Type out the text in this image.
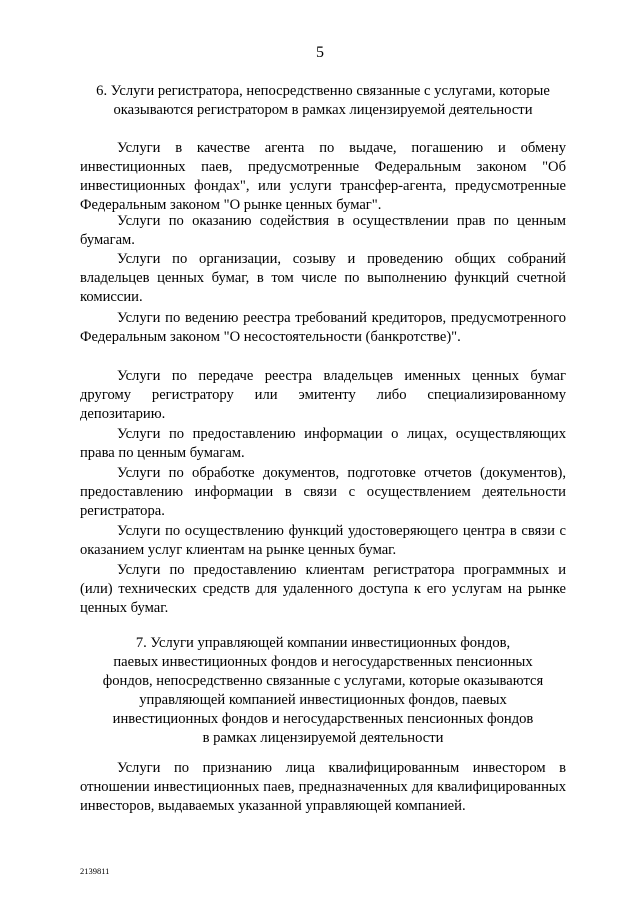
5
6. Услуги регистратора, непосредственно связанные с услугами, которые
оказываются регистратором в рамках лицензируемой деятельности

Услуги в качестве агента по выдаче, погашению и обмену инвестиционных паев, предусмотренные Федеральным законом "Об инвестиционных фондах", или услуги трансфер-агента, предусмотренные Федеральным законом "О рынке ценных бумаг".

Услуги по оказанию содействия в осуществлении прав по ценным бумагам.

Услуги по организации, созыву и проведению общих собраний владельцев ценных бумаг, в том числе по выполнению функций счетной комиссии.

Услуги по ведению реестра требований кредиторов, предусмотренного Федеральным законом "О несостоятельности (банкротстве)".

Услуги по передаче реестра владельцев именных ценных бумаг другому регистратору или эмитенту либо специализированному депозитарию.

Услуги по предоставлению информации о лицах, осуществляющих права по ценным бумагам.

Услуги по обработке документов, подготовке отчетов (документов), предоставлению информации в связи с осуществлением деятельности регистратора.

Услуги по осуществлению функций удостоверяющего центра в связи с оказанием услуг клиентам на рынке ценных бумаг.

Услуги по предоставлению клиентам регистратора программных и (или) технических средств для удаленного доступа к его услугам на рынке ценных бумаг.

7. Услуги управляющей компании инвестиционных фондов,
паевых инвестиционных фондов и негосударственных пенсионных
фондов, непосредственно связанные с услугами, которые оказываются
управляющей компанией инвестиционных фондов, паевых
инвестиционных фондов и негосударственных пенсионных фондов
в рамках лицензируемой деятельности

Услуги по признанию лица квалифицированным инвестором в отношении инвестиционных паев, предназначенных для квалифицированных инвесторов, выдаваемых указанной управляющей компанией.

2139811
